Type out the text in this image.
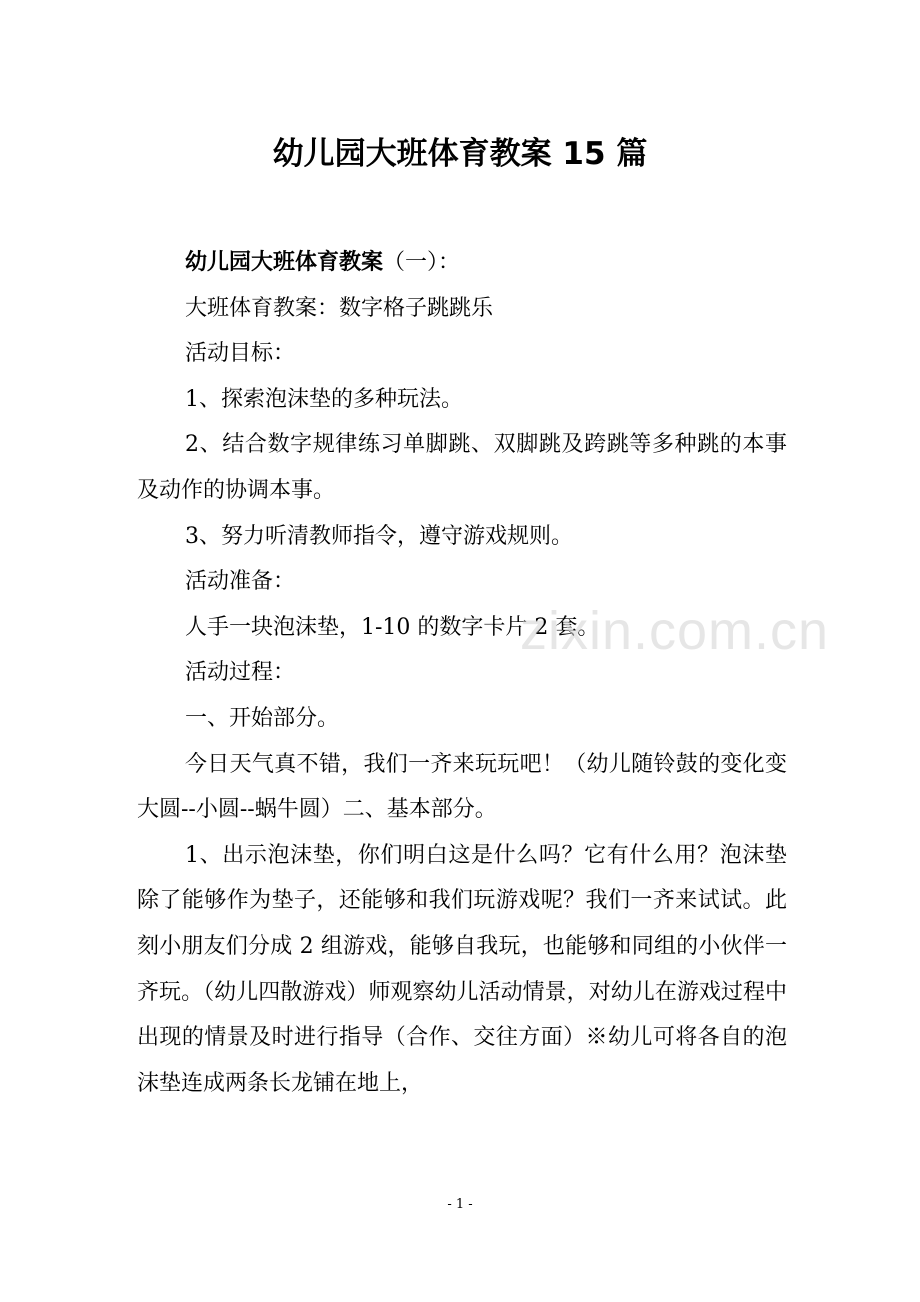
幼儿园大班体育教案 15 篇

幼儿园大班体育教案（一）：

大班体育教案：数字格子跳跳乐

活动目标：

1、探索泡沫垫的多种玩法。

2、结合数字规律练习单脚跳、双脚跳及跨跳等多种跳的本事及动作的协调本事。

3、努力听清教师指令，遵守游戏规则。

活动准备：

人手一块泡沫垫，1-10 的数字卡片 2 套。

活动过程：

一、开始部分。

今日天气真不错，我们一齐来玩玩吧！（幼儿随铃鼓的变化变大圆--小圆--蜗牛圆）二、基本部分。

1、出示泡沫垫，你们明白这是什么吗？它有什么用？泡沫垫除了能够作为垫子，还能够和我们玩游戏呢？我们一齐来试试。此刻小朋友们分成 2 组游戏，能够自我玩，也能够和同组的小伙伴一齐玩。（幼儿四散游戏）师观察幼儿活动情景，对幼儿在游戏过程中出现的情景及时进行指导（合作、交往方面）※幼儿可将各自的泡沫垫连成两条长龙铺在地上，

zixin.com.cn
- 1 -
